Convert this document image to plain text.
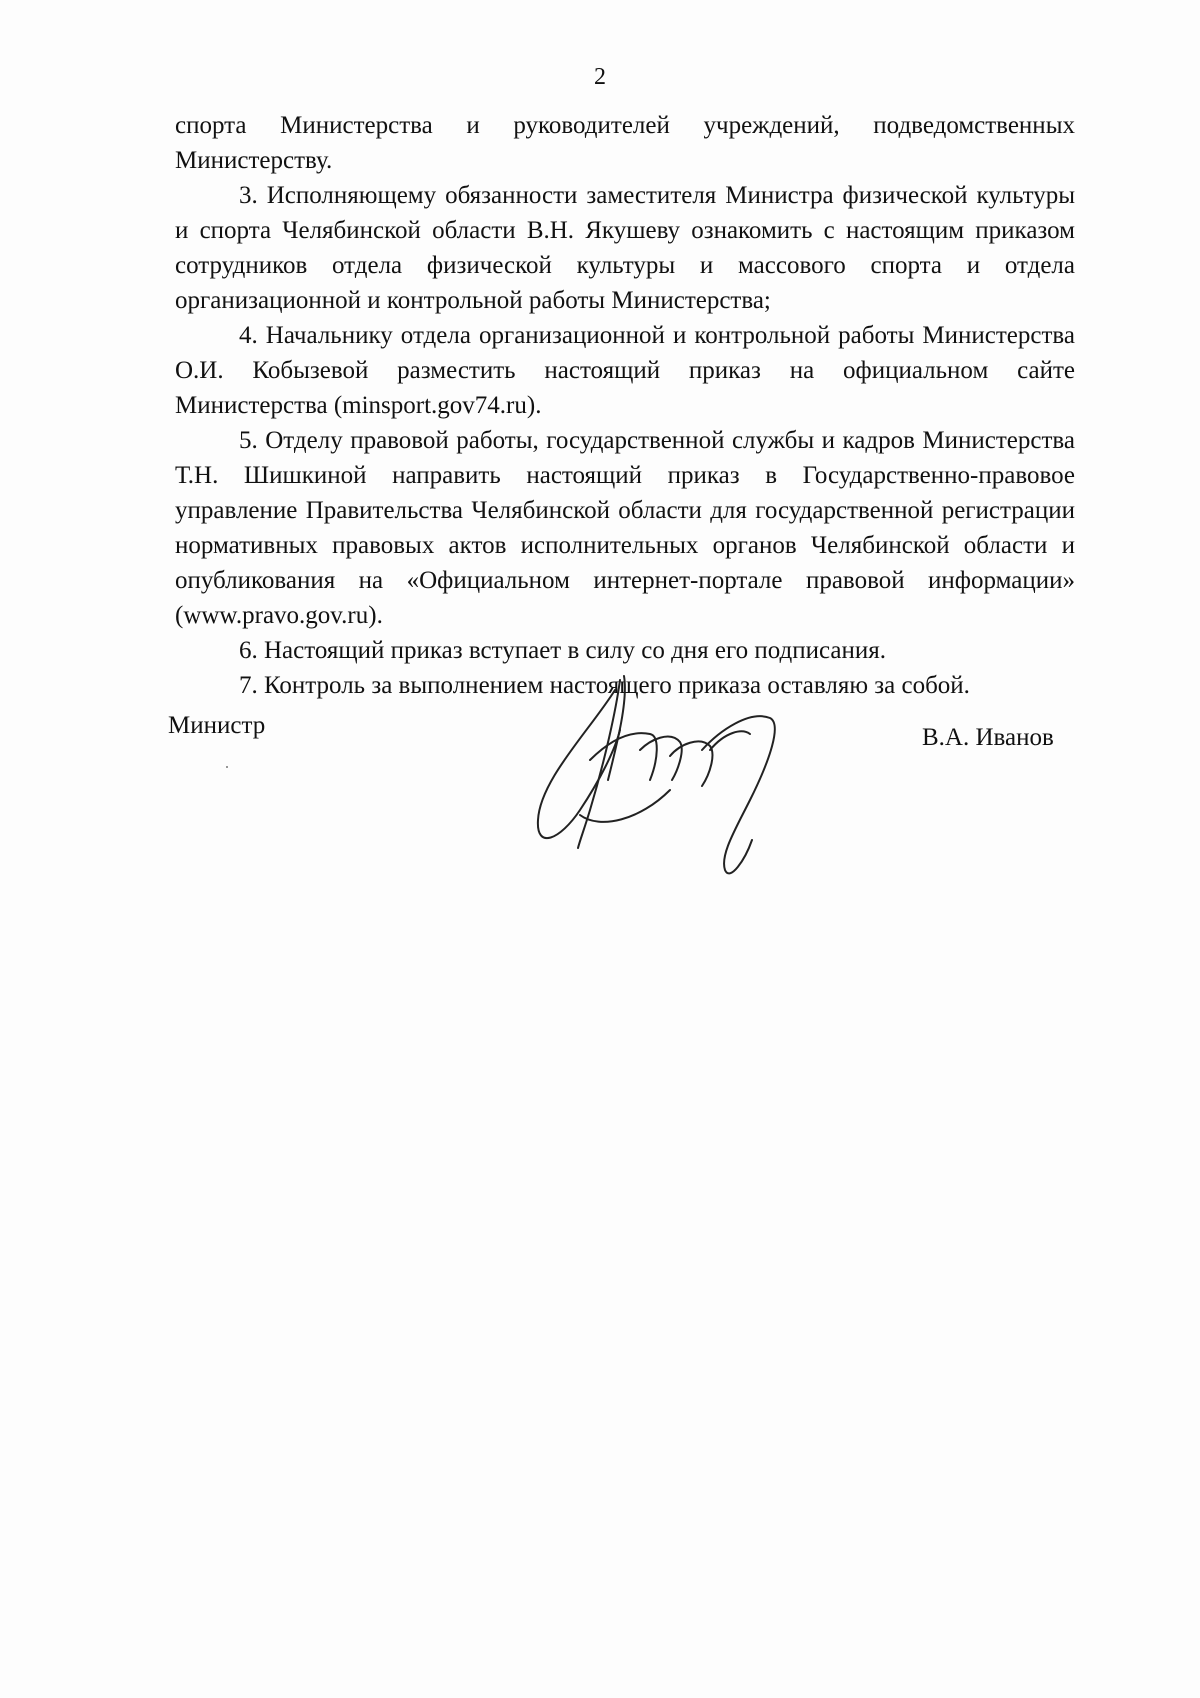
2

спорта Министерства и руководителей учреждений, подведомственных Министерству.

3. Исполняющему обязанности заместителя Министра физической культуры и спорта Челябинской области В.Н. Якушеву ознакомить с настоящим приказом сотрудников отдела физической культуры и массового спорта и отдела организационной и контрольной работы Министерства;

4. Начальнику отдела организационной и контрольной работы Министерства О.И. Кобызевой разместить настоящий приказ на официальном сайте Министерства (minsport.gov74.ru).

5. Отделу правовой работы, государственной службы и кадров Министерства Т.Н. Шишкиной направить настоящий приказ в Государственно-правовое управление Правительства Челябинской области для государственной регистрации нормативных правовых актов исполнительных органов Челябинской области и опубликования на «Официальном интернет-портале правовой информации» (www.pravo.gov.ru).

6. Настоящий приказ вступает в силу со дня его подписания.

7. Контроль за выполнением настоящего приказа оставляю за собой.

Министр	В.А. Иванов
